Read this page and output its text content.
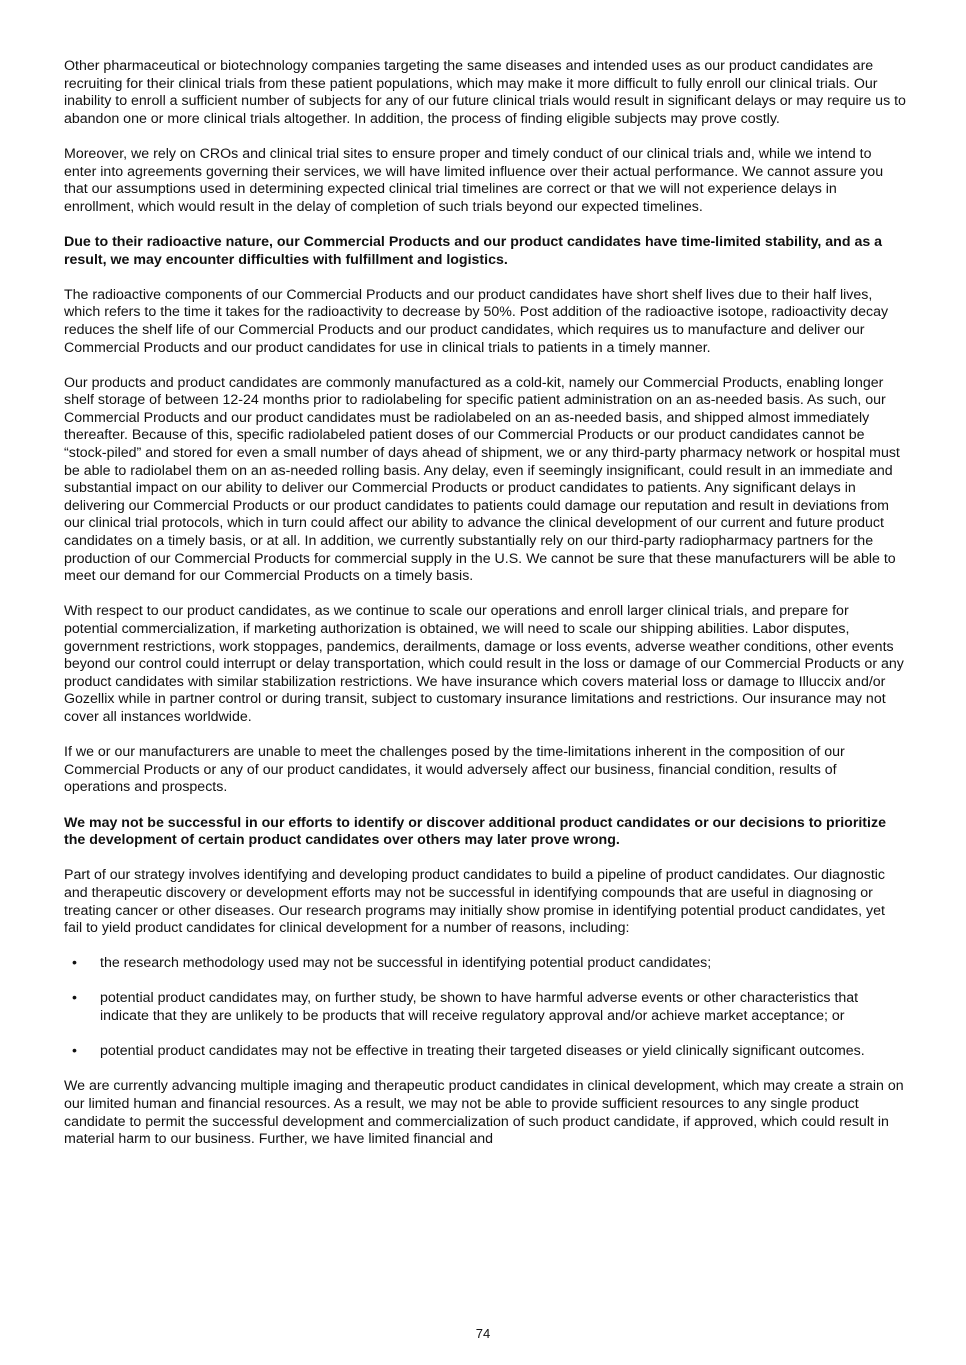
Other pharmaceutical or biotechnology companies targeting the same diseases and intended uses as our product candidates are recruiting for their clinical trials from these patient populations, which may make it more difficult to fully enroll our clinical trials. Our inability to enroll a sufficient number of subjects for any of our future clinical trials would result in significant delays or may require us to abandon one or more clinical trials altogether. In addition, the process of finding eligible subjects may prove costly.

Moreover, we rely on CROs and clinical trial sites to ensure proper and timely conduct of our clinical trials and, while we intend to enter into agreements governing their services, we will have limited influence over their actual performance. We cannot assure you that our assumptions used in determining expected clinical trial timelines are correct or that we will not experience delays in enrollment, which would result in the delay of completion of such trials beyond our expected timelines.

Due to their radioactive nature, our Commercial Products and our product candidates have time-limited stability, and as a result, we may encounter difficulties with fulfillment and logistics.

The radioactive components of our Commercial Products and our product candidates have short shelf lives due to their half lives, which refers to the time it takes for the radioactivity to decrease by 50%. Post addition of the radioactive isotope, radioactivity decay reduces the shelf life of our Commercial Products and our product candidates, which requires us to manufacture and deliver our Commercial Products and our product candidates for use in clinical trials to patients in a timely manner.

Our products and product candidates are commonly manufactured as a cold-kit, namely our Commercial Products, enabling longer shelf storage of between 12-24 months prior to radiolabeling for specific patient administration on an as-needed basis. As such, our Commercial Products and our product candidates must be radiolabeled on an as-needed basis, and shipped almost immediately thereafter. Because of this, specific radiolabeled patient doses of our Commercial Products or our product candidates cannot be “stock-piled” and stored for even a small number of days ahead of shipment, we or any third-party pharmacy network or hospital must be able to radiolabel them on an as-needed rolling basis. Any delay, even if seemingly insignificant, could result in an immediate and substantial impact on our ability to deliver our Commercial Products or product candidates to patients. Any significant delays in delivering our Commercial Products or our product candidates to patients could damage our reputation and result in deviations from our clinical trial protocols, which in turn could affect our ability to advance the clinical development of our current and future product candidates on a timely basis, or at all. In addition, we currently substantially rely on our third-party radiopharmacy partners for the production of our Commercial Products for commercial supply in the U.S. We cannot be sure that these manufacturers will be able to meet our demand for our Commercial Products on a timely basis.

With respect to our product candidates, as we continue to scale our operations and enroll larger clinical trials, and prepare for potential commercialization, if marketing authorization is obtained, we will need to scale our shipping abilities. Labor disputes, government restrictions, work stoppages, pandemics, derailments, damage or loss events, adverse weather conditions, other events beyond our control could interrupt or delay transportation, which could result in the loss or damage of our Commercial Products or any product candidates with similar stabilization restrictions. We have insurance which covers material loss or damage to Illuccix and/or Gozellix while in partner control or during transit, subject to customary insurance limitations and restrictions. Our insurance may not cover all instances worldwide.

If we or our manufacturers are unable to meet the challenges posed by the time-limitations inherent in the composition of our Commercial Products or any of our product candidates, it would adversely affect our business, financial condition, results of operations and prospects.

We may not be successful in our efforts to identify or discover additional product candidates or our decisions to prioritize the development of certain product candidates over others may later prove wrong.

Part of our strategy involves identifying and developing product candidates to build a pipeline of product candidates. Our diagnostic and therapeutic discovery or development efforts may not be successful in identifying compounds that are useful in diagnosing or treating cancer or other diseases. Our research programs may initially show promise in identifying potential product candidates, yet fail to yield product candidates for clinical development for a number of reasons, including:

• the research methodology used may not be successful in identifying potential product candidates;
• potential product candidates may, on further study, be shown to have harmful adverse events or other characteristics that indicate that they are unlikely to be products that will receive regulatory approval and/or achieve market acceptance; or
• potential product candidates may not be effective in treating their targeted diseases or yield clinically significant outcomes.

We are currently advancing multiple imaging and therapeutic product candidates in clinical development, which may create a strain on our limited human and financial resources. As a result, we may not be able to provide sufficient resources to any single product candidate to permit the successful development and commercialization of such product candidate, if approved, which could result in material harm to our business. Further, we have limited financial and

74
